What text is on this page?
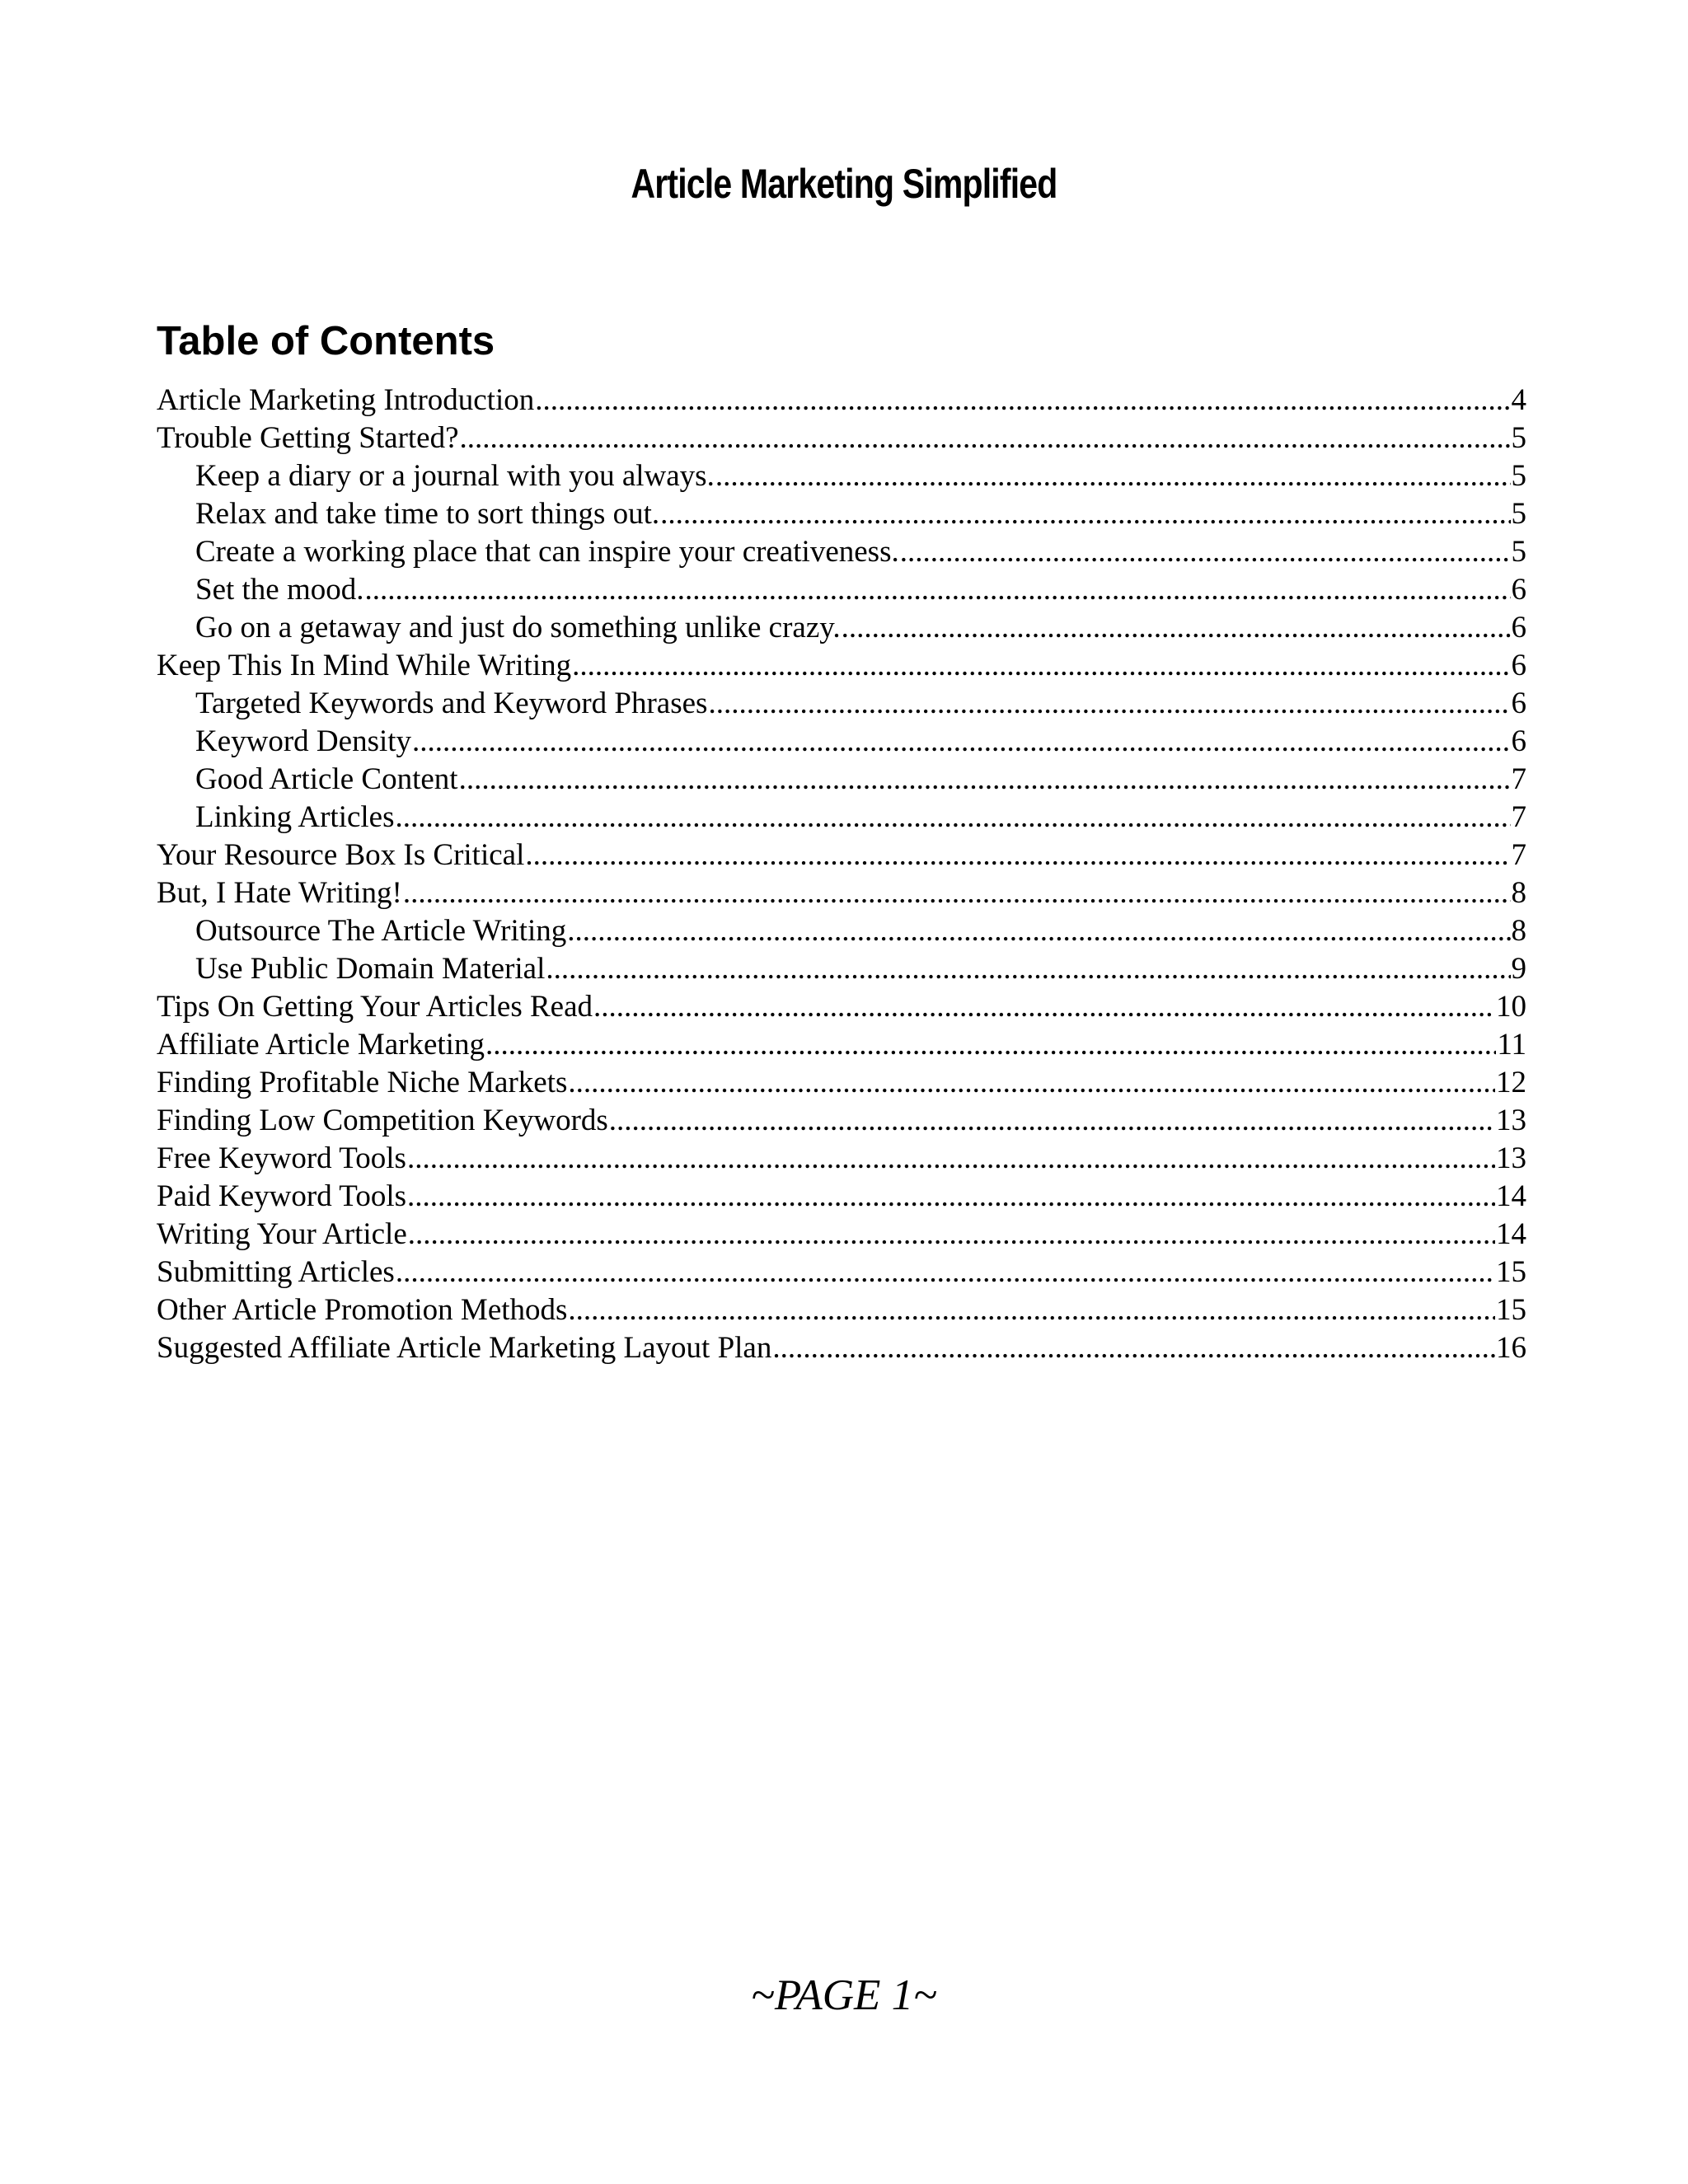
Article Marketing Simplified
Table of Contents
Article Marketing Introduction .....	4
Trouble Getting Started? .....	5
Keep a diary or a journal with you always. .....	5
Relax and take time to sort things out. .....	5
Create a working place that can inspire your creativeness. .....	5
Set the mood. .....	6
Go on a getaway and just do something unlike crazy. .....	6
Keep This In Mind While Writing .....	6
Targeted Keywords and Keyword Phrases .....	6
Keyword Density .....	6
Good Article Content .....	7
Linking Articles .....	7
Your Resource Box Is Critical .....	7
But, I Hate Writing! .....	8
Outsource The Article Writing .....	8
Use Public Domain Material .....	9
Tips On Getting Your Articles Read .....	10
Affiliate Article Marketing .....	11
Finding Profitable Niche Markets .....	12
Finding Low Competition Keywords .....	13
Free Keyword Tools .....	13
Paid Keyword Tools .....	14
Writing Your Article .....	14
Submitting Articles .....	15
Other Article Promotion Methods .....	15
Suggested Affiliate Article Marketing Layout Plan .....	16
~PAGE 1~
